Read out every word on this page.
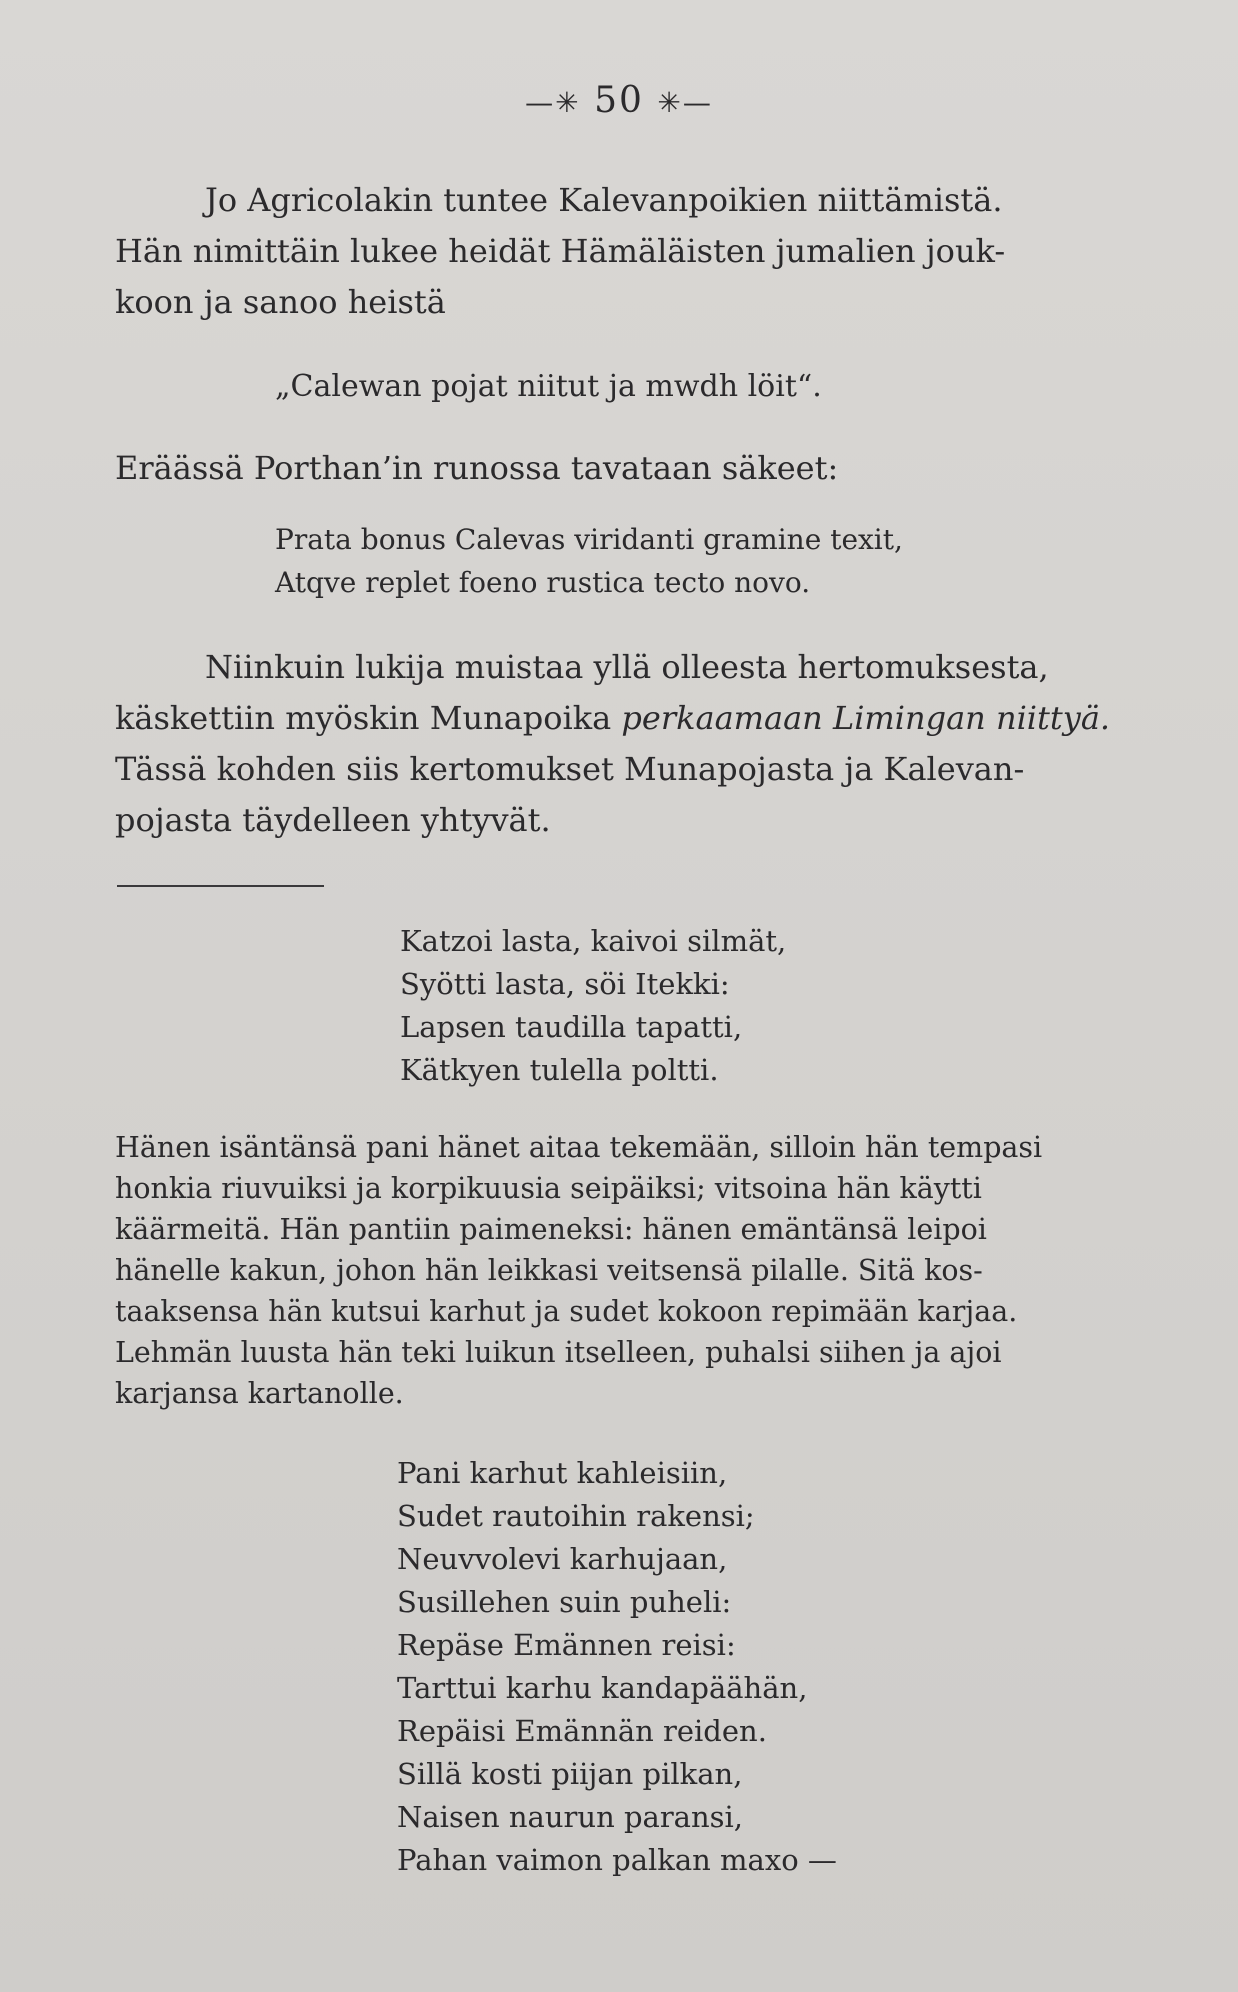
—✳ 50 ✳—
Jo Agricolakin tuntee Kalevanpoikien niittämistä.
Hän nimittäin lukee heidät Hämäläisten jumalien jouk-
koon ja sanoo heistä
„Calewan pojat niitut ja mwdh löit“.
Eräässä Porthan’in runossa tavataan säkeet:
Prata bonus Calevas viridanti gramine texit,
Atqve replet foeno rustica tecto novo.
Niinkuin lukija muistaa yllä olleesta hertomuksesta,
käskettiin myöskin Munapoika perkaamaan Limingan niittyä.
Tässä kohden siis kertomukset Munapojasta ja Kalevan-
pojasta täydelleen yhtyvät.
Katzoi lasta, kaivoi silmät,
Syötti lasta, söi Itekki:
Lapsen taudilla tapatti,
Kätkyen tulella poltti.
Hänen isäntänsä pani hänet aitaa tekemään, silloin hän tempasi
honkia riuvuiksi ja korpikuusia seipäiksi; vitsoina hän käytti
käärmeitä. Hän pantiin paimeneksi: hänen emäntänsä leipoi
hänelle kakun, johon hän leikkasi veitsensä pilalle. Sitä kos-
taaksensa hän kutsui karhut ja sudet kokoon repimään karjaa.
Lehmän luusta hän teki luikun itselleen, puhalsi siihen ja ajoi
karjansa kartanolle.
Pani karhut kahleisiin,
Sudet rautoihin rakensi;
Neuvvolevi karhujaan,
Susillehen suin puheli:
Repäse Emännen reisi:
Tarttui karhu kandapäähän,
Repäisi Emännän reiden.
Sillä kosti piijan pilkan,
Naisen naurun paransi,
Pahan vaimon palkan maxo —
